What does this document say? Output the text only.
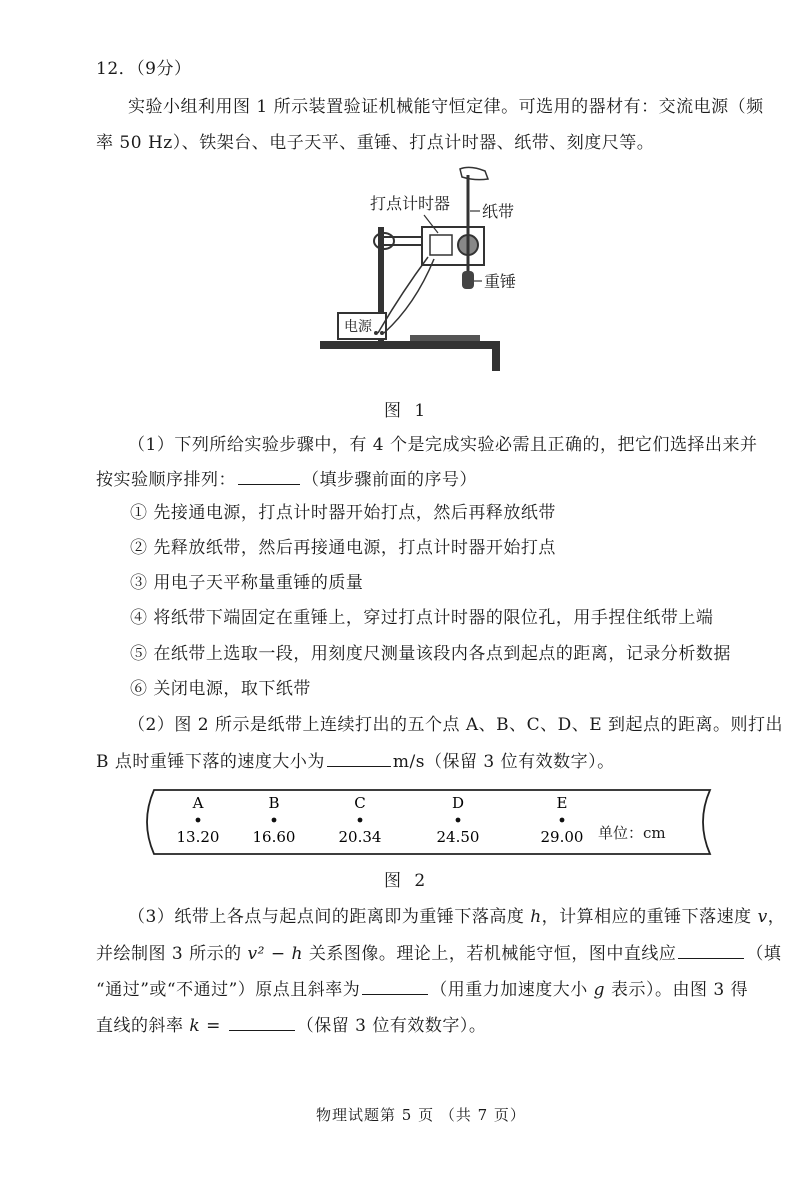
12．（9分）
实验小组利用图 1 所示装置验证机械能守恒定律。可选用的器材有：交流电源（频
率 50 Hz）、铁架台、电子天平、重锤、打点计时器、纸带、刻度尺等。
打点计时器 纸带
重锤
电源
图 1
（1）下列所给实验步骤中，有 4 个是完成实验必需且正确的，把它们选择出来并
按实验顺序排列：	（填步骤前面的序号）
① 先接通电源，打点计时器开始打点，然后再释放纸带
② 先释放纸带，然后再接通电源，打点计时器开始打点
③ 用电子天平称量重锤的质量
④ 将纸带下端固定在重锤上，穿过打点计时器的限位孔，用手捏住纸带上端
⑤ 在纸带上选取一段，用刻度尺测量该段内各点到起点的距离，记录分析数据
⑥ 关闭电源，取下纸带
（2）图 2 所示是纸带上连续打出的五个点 A、B、C、D、E 到起点的距离。则打出
B 点时重锤下落的速度大小为	m/s（保留 3 位有效数字）。
A
13.20
B
16.60
C
20.34
D
24.50
E
29.00 单位：cm
图 2
（3）纸带上各点与起点间的距离即为重锤下落高度 h，计算相应的重锤下落速度 v，
并绘制图 3 所示的 v² − h 关系图像。理论上，若机械能守恒，图中直线应	（填
“通过”或“不通过”）原点且斜率为	（用重力加速度大小 g 表示）。由图 3 得
直线的斜率 k =	（保留 3 位有效数字）。
物理试题第 5 页 （共 7 页）
